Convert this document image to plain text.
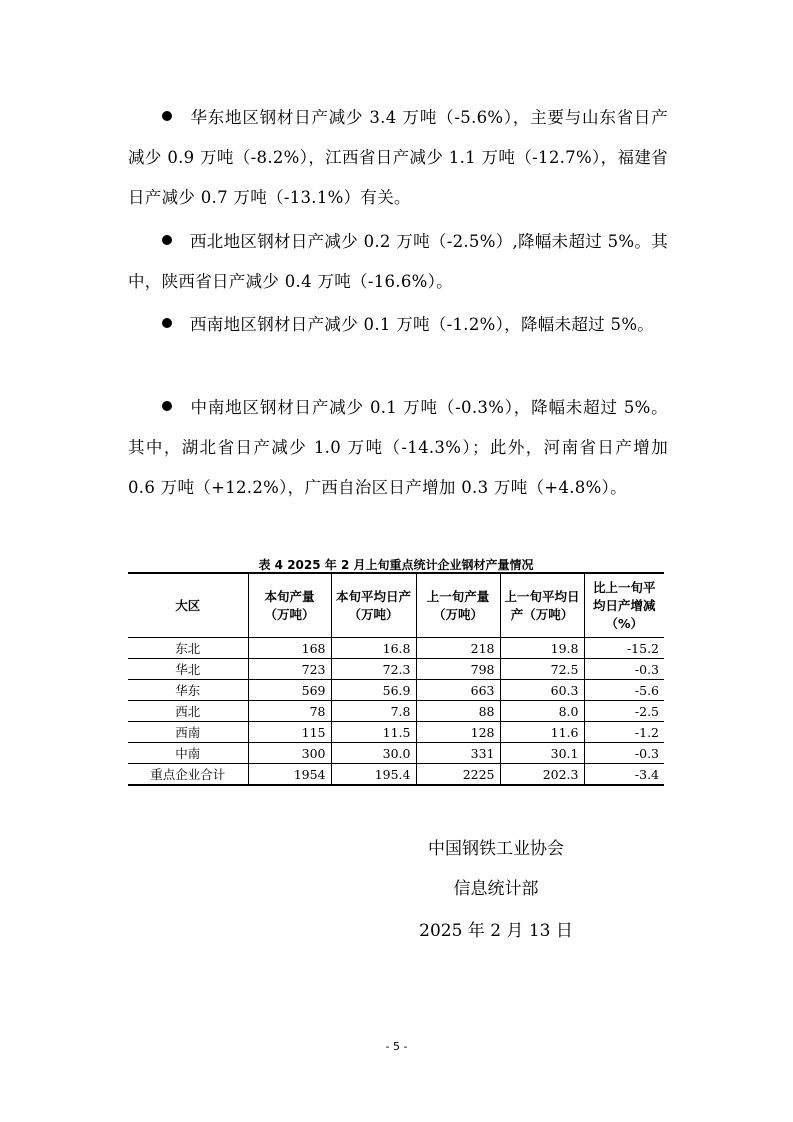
华东地区钢材日产减少 3.4 万吨（-5.6%），主要与山东省日产减少 0.9 万吨（-8.2%），江西省日产减少 1.1 万吨（-12.7%），福建省日产减少 0.7 万吨（-13.1%）有关。

西北地区钢材日产减少 0.2 万吨（-2.5%）,降幅未超过 5%。其中，陕西省日产减少 0.4 万吨（-16.6%）。

西南地区钢材日产减少 0.1 万吨（-1.2%），降幅未超过 5%。

中南地区钢材日产减少 0.1 万吨（-0.3%），降幅未超过 5%。其中，湖北省日产减少 1.0 万吨（-14.3%）；此外，河南省日产增加 0.6 万吨（+12.2%），广西自治区日产增加 0.3 万吨（+4.8%）。

表 4 2025 年 2 月上旬重点统计企业钢材产量情况
大区	本旬产量（万吨）	本旬平均日产（万吨）	上一旬产量（万吨）	上一旬平均日产（万吨）	比上一旬平均日产增减（%）
东北	168	16.8	218	19.8	-15.2
华北	723	72.3	798	72.5	-0.3
华东	569	56.9	663	60.3	-5.6
西北	78	7.8	88	8.0	-2.5
西南	115	11.5	128	11.6	-1.2
中南	300	30.0	331	30.1	-0.3
重点企业合计	1954	195.4	2225	202.3	-3.4
中国钢铁工业协会
信息统计部
2025 年 2 月 13 日
- 5 -
